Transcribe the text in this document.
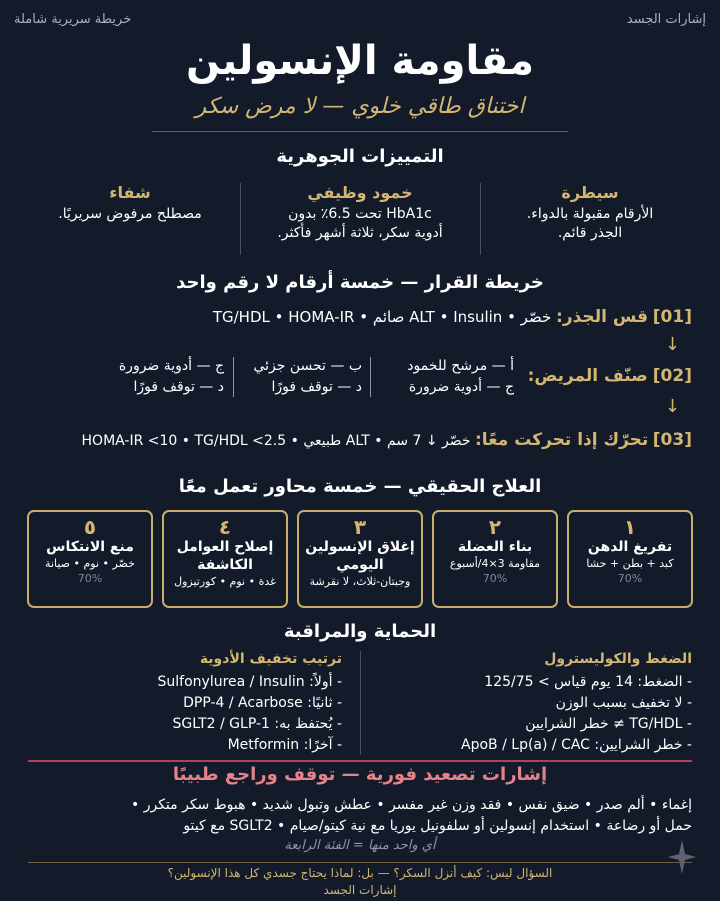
إشارات الجسد
خريطة سريرية شاملة
مقاومة الإنسولين
اختناق طاقي خلوي — لا مرض سكر
التمييزات الجوهرية
سيطرة
الأرقام مقبولة بالدواء.
الجذر قائم.
خمود وظيفي
HbA1c تحت 6.5٪ بدون
أدوية سكر، ثلاثة أشهر فأكثر.
شفاء
مصطلح مرفوض سريريًا.
خريطة القرار — خمسة أرقام لا رقم واحد
[01] قس الجذر: خصّر • ALT • Insulin صائم • TG/HDL • HOMA-IR
↓
[02] صنّف المريض:
أ — مرشح للخمود
ج — أدوية ضرورة
ب — تحسن جزئي
د — توقف فورًا
ج — أدوية ضرورة
د — توقف فورًا
↓
[03] تحرّك إذا تحركت معًا: خصّر ↓ 7 سم • ALT طبيعي • HOMA-IR <10 • TG/HDL <2.5
العلاج الحقيقي — خمسة محاور تعمل معًا
١
تفريغ الدهن
كبد + بطن + حشا
70%
٢
بناء العضلة
مقاومة 3×4/أسبوع
70%
٣
إغلاق الإنسولين
اليومي
وجبتان-ثلاث، لا نقرشة
٤
إصلاح العوامل
الكاشفة
غدة • نوم • كورتيزول
٥
منع الانتكاس
خصّر • نوم • صيانة
70%
الحماية والمراقبة
الضغط والكوليسترول
- الضغط: 14 يوم قياس > 125/75
- لا تخفيف بسبب الوزن
- TG/HDL ≠ خطر الشرايين
- خطر الشرايين: ApoB / Lp(a) / CAC
ترتيب تخفيف الأدوية
- أولاً: Sulfonylurea / Insulin
- ثانيًا: DPP-4 / Acarbose
- يُحتفظ به: SGLT2 / GLP-1
- آخرًا: Metformin
إشارات تصعيد فورية — توقف وراجع طبيبًا
إغماء • ألم صدر • ضيق نفس • فقد وزن غير مفسر • عطش وتبول شديد • هبوط سكر متكرر •
حمل أو رضاعة • استخدام إنسولين أو سلفونيل يوريا مع نية كيتو/صيام • SGLT2 مع كيتو
أي واحد منها = الفئة الرابعة
السؤال ليس: كيف أنزل السكر؟ — بل: لماذا يحتاج جسدي كل هذا الإنسولين؟
إشارات الجسد
